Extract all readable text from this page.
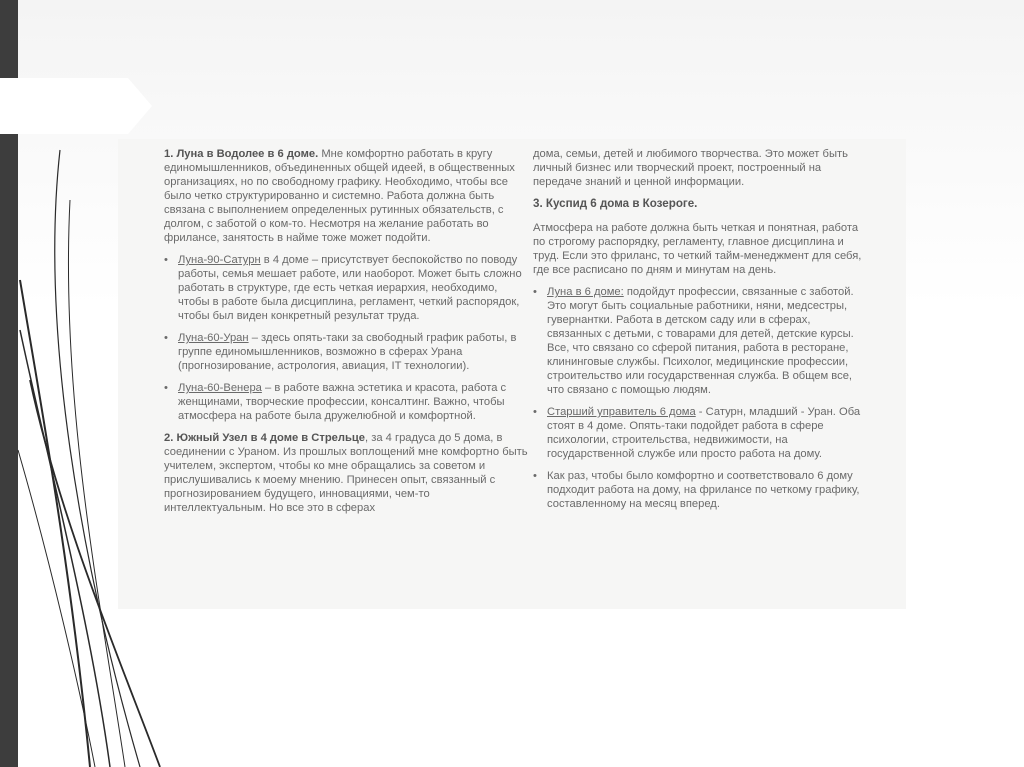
1. Луна в Водолее в 6 доме. Мне комфортно работать в кругу единомышленников, объединенных общей идеей, в общественных организациях, но по свободному графику. Необходимо, чтобы все было четко структурированно и системно. Работа должна быть связана с выполнением определенных рутинных обязательств, с долгом, с заботой о ком-то. Несмотря на желание работать во фрилансе, занятость в найме тоже может подойти.

• Луна-90-Сатурн в 4 доме – присутствует беспокойство по поводу работы, семья мешает работе, или наоборот. Может быть сложно работать в структуре, где есть четкая иерархия, необходимо, чтобы в работе была дисциплина, регламент, четкий распорядок, чтобы был виден конкретный результат труда.
• Луна-60-Уран – здесь опять-таки за свободный график работы, в группе единомышленников, возможно в сферах Урана (прогнозирование, астрология, авиация, IT технологии).
• Луна-60-Венера – в работе важна эстетика и красота, работа с женщинами, творческие профессии, консалтинг. Важно, чтобы атмосфера на работе была дружелюбной и комфортной.

2. Южный Узел в 4 доме в Стрельце, за 4 градуса до 5 дома, в соединении с Ураном. Из прошлых воплощений мне комфортно быть учителем, экспертом, чтобы ко мне обращались за советом и прислушивались к моему мнению. Принесен опыт, связанный с прогнозированием будущего, инновациями, чем-то интеллектуальным. Но все это в сферах

дома, семьи, детей и любимого творчества. Это может быть личный бизнес или творческий проект, построенный на передаче знаний и ценной информации.

3. Куспид 6 дома в Козероге.

Атмосфера на работе должна быть четкая и понятная, работа по строгому распорядку, регламенту, главное дисциплина и труд. Если это фриланс, то четкий тайм-менеджмент для себя, где все расписано по дням и минутам на день.

• Луна в 6 доме: подойдут профессии, связанные с заботой. Это могут быть социальные работники, няни, медсестры, гувернантки. Работа в детском саду или в сферах, связанных с детьми, с товарами для детей, детские курсы. Все, что связано со сферой питания, работа в ресторане, клининговые службы. Психолог, медицинские профессии, строительство или государственная служба. В общем все, что связано с помощью людям.
• Старший управитель 6 дома - Сатурн, младший - Уран. Оба стоят в 4 доме. Опять-таки подойдет работа в сфере психологии, строительства, недвижимости, на государственной службе или просто работа на дому.
• Как раз, чтобы было комфортно и соответствовало 6 дому подходит работа на дому, на фрилансе по четкому графику, составленному на месяц вперед.
